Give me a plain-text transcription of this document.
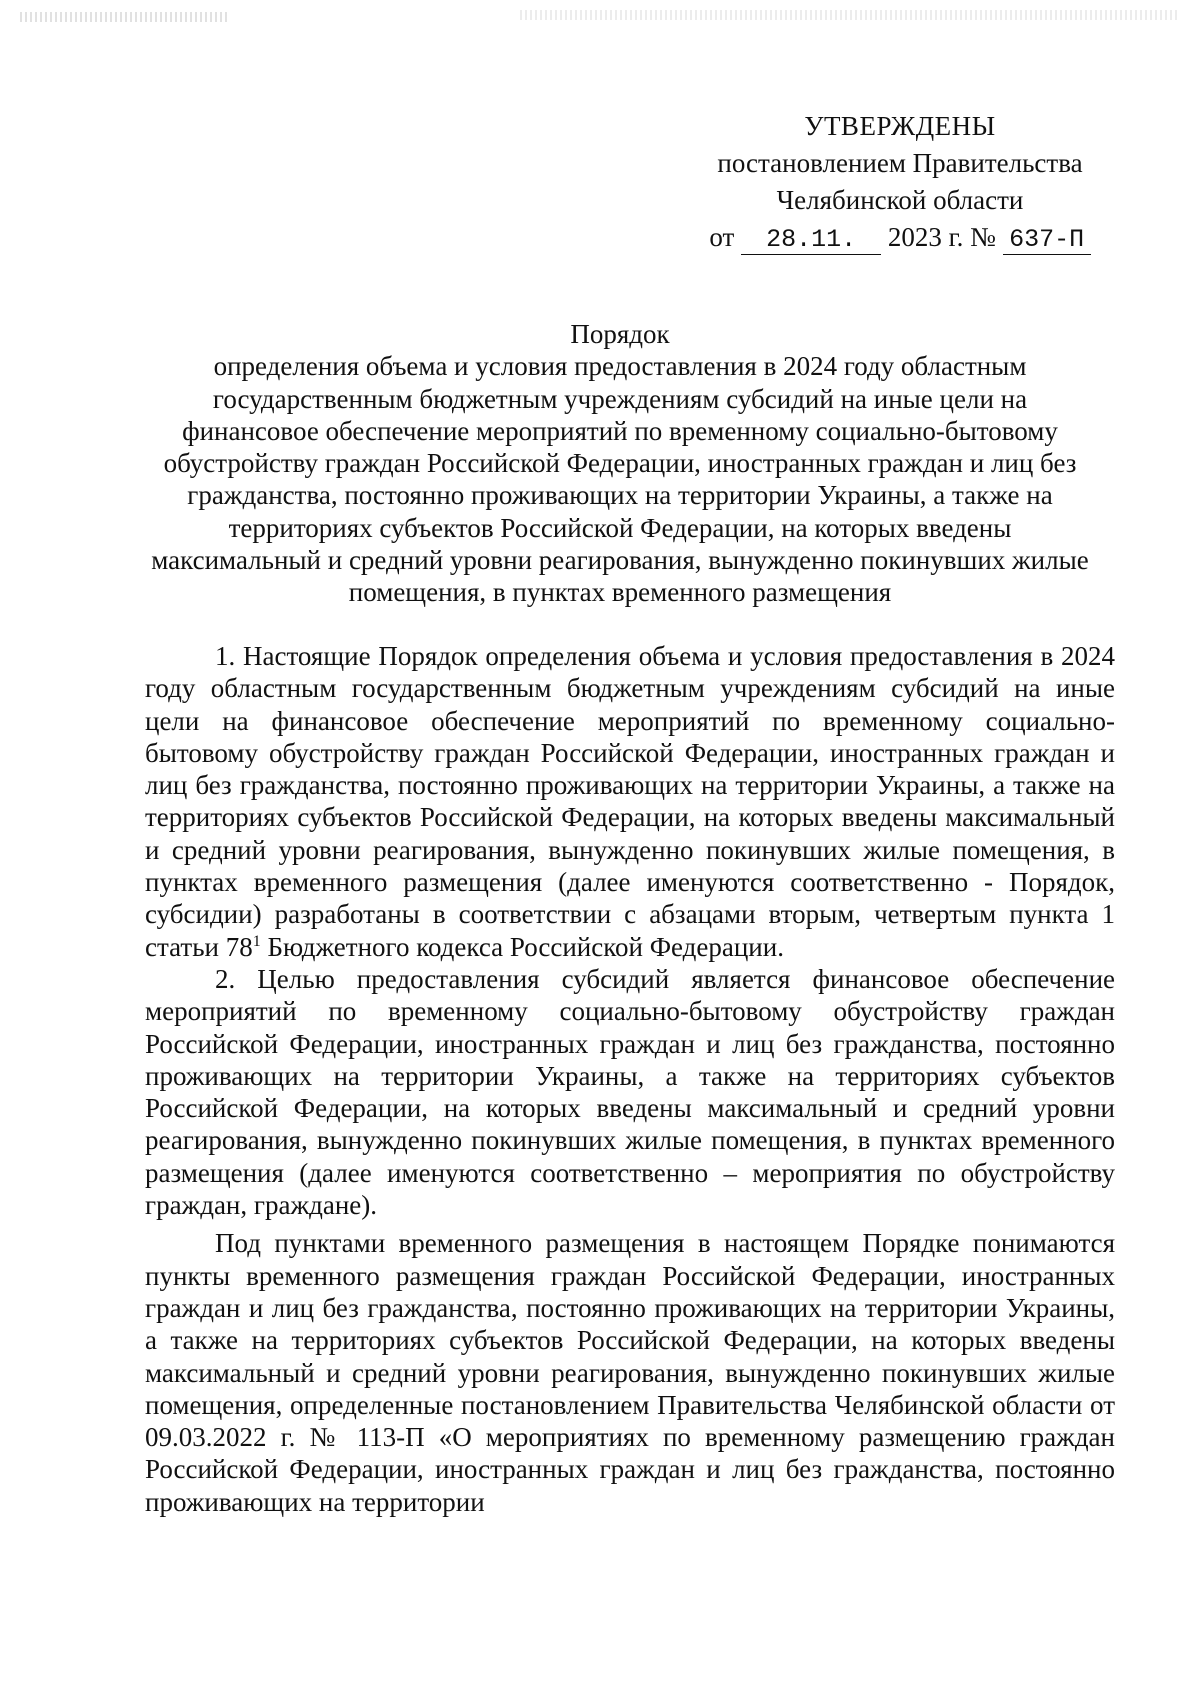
УТВЕРЖДЕНЫ
постановлением Правительства
Челябинской области
от 28.11. 2023 г. № 637-П
Порядок
определения объема и условия предоставления в 2024 году областным государственным бюджетным учреждениям субсидий на иные цели на финансовое обеспечение мероприятий по временному социально-бытовому обустройству граждан Российской Федерации, иностранных граждан и лиц без гражданства, постоянно проживающих на территории Украины, а также на территориях субъектов Российской Федерации, на которых введены максимальный и средний уровни реагирования, вынужденно покинувших жилые помещения, в пунктах временного размещения

1. Настоящие Порядок определения объема и условия предоставления в 2024 году областным государственным бюджетным учреждениям субсидий на иные цели на финансовое обеспечение мероприятий по временному социально-бытовому обустройству граждан Российской Федерации, иностранных граждан и лиц без гражданства, постоянно проживающих на территории Украины, а также на территориях субъектов Российской Федерации, на которых введены максимальный и средний уровни реагирования, вынужденно покинувших жилые помещения, в пунктах временного размещения (далее именуются соответственно - Порядок, субсидии) разработаны в соответствии с абзацами вторым, четвертым пункта 1 статьи $78^1$ Бюджетного кодекса Российской Федерации.

2. Целью предоставления субсидий является финансовое обеспечение мероприятий по временному социально-бытовому обустройству граждан Российской Федерации, иностранных граждан и лиц без гражданства, постоянно проживающих на территории Украины, а также на территориях субъектов Российской Федерации, на которых введены максимальный и средний уровни реагирования, вынужденно покинувших жилые помещения, в пунктах временного размещения (далее именуются соответственно – мероприятия по обустройству граждан, граждане).

Под пунктами временного размещения в настоящем Порядке понимаются пункты временного размещения граждан Российской Федерации, иностранных граждан и лиц без гражданства, постоянно проживающих на территории Украины, а также на территориях субъектов Российской Федерации, на которых введены максимальный и средний уровни реагирования, вынужденно покинувших жилые помещения, определенные постановлением Правительства Челябинской области от 09.03.2022 г. № 113-П «О мероприятиях по временному размещению граждан Российской Федерации, иностранных граждан и лиц без гражданства, постоянно проживающих на территории
